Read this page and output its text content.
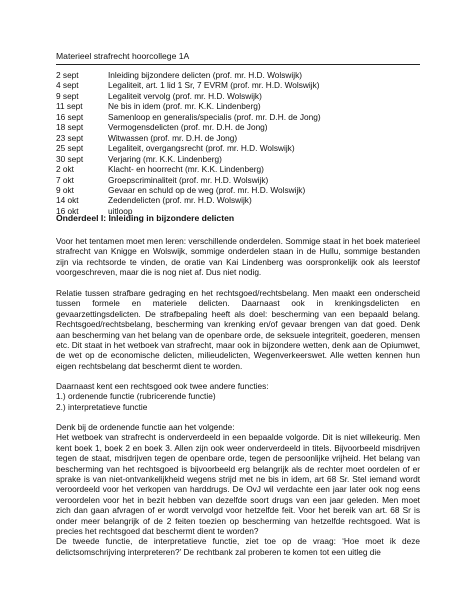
Materieel strafrecht hoorcollege 1A
2 sept	Inleiding bijzondere delicten (prof. mr. H.D. Wolswijk)
4 sept	Legaliteit, art. 1 lid 1 Sr, 7 EVRM (prof. mr. H.D. Wolswijk)
9 sept	Legaliteit vervolg (prof. mr. H.D. Wolswijk)
11 sept	Ne bis in idem (prof. mr. K.K. Lindenberg)
16 sept	Samenloop en generalis/specialis (prof. mr. D.H. de Jong)
18 sept	Vermogensdelicten (prof. mr. D.H. de Jong)
23 sept	Witwassen (prof. mr. D.H. de Jong)
25 sept	Legaliteit, overgangsrecht (prof. mr. H.D. Wolswijk)
30 sept	Verjaring (mr. K.K. Lindenberg)
2 okt	Klacht- en hoorrecht (mr. K.K. Lindenberg)
7 okt	Groepscriminaliteit (prof. mr. H.D. Wolswijk)
9 okt	Gevaar en schuld op de weg (prof. mr. H.D. Wolswijk)
14 okt	Zedendelicten (prof. mr. H.D. Wolswijk)
16 okt	uitloop
Onderdeel I: Inleiding in bijzondere delicten

Voor het tentamen moet men leren: verschillende onderdelen. Sommige staat in het boek materieel strafrecht van Knigge en Wolswijk, sommige onderdelen staan in de Hullu, sommige bestanden zijn via rechtsorde te vinden, de oratie van Kai Lindenberg was oorspronkelijk ook als leerstof voorgeschreven, maar die is nog niet af. Dus niet nodig.

Relatie tussen strafbare gedraging en het rechtsgoed/rechtsbelang. Men maakt een onderscheid tussen formele en materiele delicten. Daarnaast ook in krenkingsdelicten en gevaarzettingsdelicten. De strafbepaling heeft als doel: bescherming van een bepaald belang. Rechtsgoed/rechtsbelang, bescherming van krenking en/of gevaar brengen van dat goed. Denk aan bescherming van het belang van de openbare orde, de seksuele integriteit, goederen, mensen etc. Dit staat in het wetboek van strafrecht, maar ook in bijzondere wetten, denk aan de Opiumwet, de wet op de economische delicten, milieudelicten, Wegenverkeerswet. Alle wetten kennen hun eigen rechtsbelang dat beschermt dient te worden.

Daarnaast kent een rechtsgoed ook twee andere functies:

1.) ordenende functie (rubricerende functie)

2.) interpretatieve functie

Denk bij de ordenende functie aan het volgende:

Het wetboek van strafrecht is onderverdeeld in een bepaalde volgorde. Dit is niet willekeurig. Men kent boek 1, boek 2 en boek 3. Allen zijn ook weer onderverdeeld in titels. Bijvoorbeeld misdrijven tegen de staat, misdrijven tegen de openbare orde, tegen de persoonlijke vrijheid. Het belang van bescherming van het rechtsgoed is bijvoorbeeld erg belangrijk als de rechter moet oordelen of er sprake is van niet-ontvankelijkheid wegens strijd met ne bis in idem, art 68 Sr. Stel iemand wordt veroordeeld voor het verkopen van harddrugs. De OvJ wil verdachte een jaar later ook nog eens veroordelen voor het in bezit hebben van dezelfde soort drugs van een jaar geleden. Men moet zich dan gaan afvragen of er wordt vervolgd voor hetzelfde feit. Voor het bereik van art. 68 Sr is onder meer belangrijk of de 2 feiten toezien op bescherming van hetzelfde rechtsgoed. Wat is precies het rechtsgoed dat beschermt dient te worden?

De tweede functie, de interpretatieve functie, ziet toe op de vraag: ‘Hoe moet ik deze delictsomschrijving interpreteren?’ De rechtbank zal proberen te komen tot een uitleg die
